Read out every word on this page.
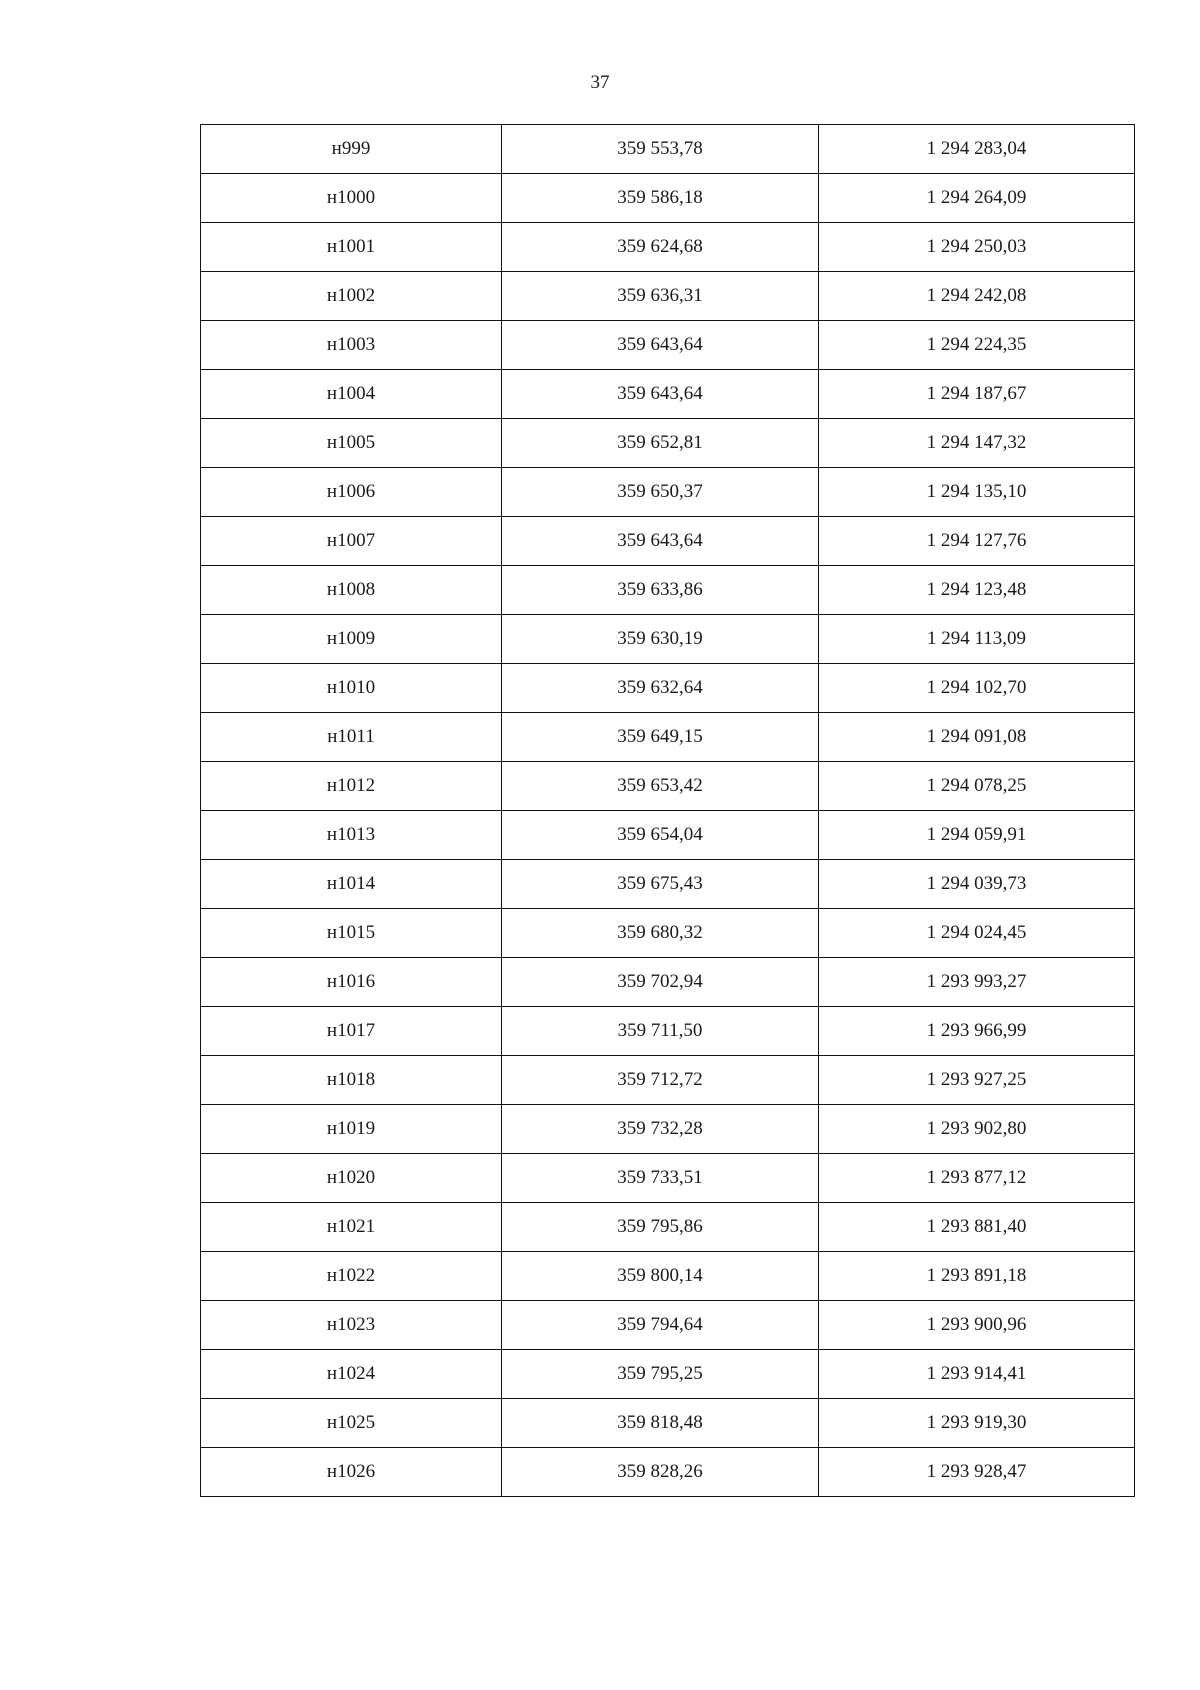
37
н999	359 553,78	1 294 283,04
н1000	359 586,18	1 294 264,09
н1001	359 624,68	1 294 250,03
н1002	359 636,31	1 294 242,08
н1003	359 643,64	1 294 224,35
н1004	359 643,64	1 294 187,67
н1005	359 652,81	1 294 147,32
н1006	359 650,37	1 294 135,10
н1007	359 643,64	1 294 127,76
н1008	359 633,86	1 294 123,48
н1009	359 630,19	1 294 113,09
н1010	359 632,64	1 294 102,70
н1011	359 649,15	1 294 091,08
н1012	359 653,42	1 294 078,25
н1013	359 654,04	1 294 059,91
н1014	359 675,43	1 294 039,73
н1015	359 680,32	1 294 024,45
н1016	359 702,94	1 293 993,27
н1017	359 711,50	1 293 966,99
н1018	359 712,72	1 293 927,25
н1019	359 732,28	1 293 902,80
н1020	359 733,51	1 293 877,12
н1021	359 795,86	1 293 881,40
н1022	359 800,14	1 293 891,18
н1023	359 794,64	1 293 900,96
н1024	359 795,25	1 293 914,41
н1025	359 818,48	1 293 919,30
н1026	359 828,26	1 293 928,47
